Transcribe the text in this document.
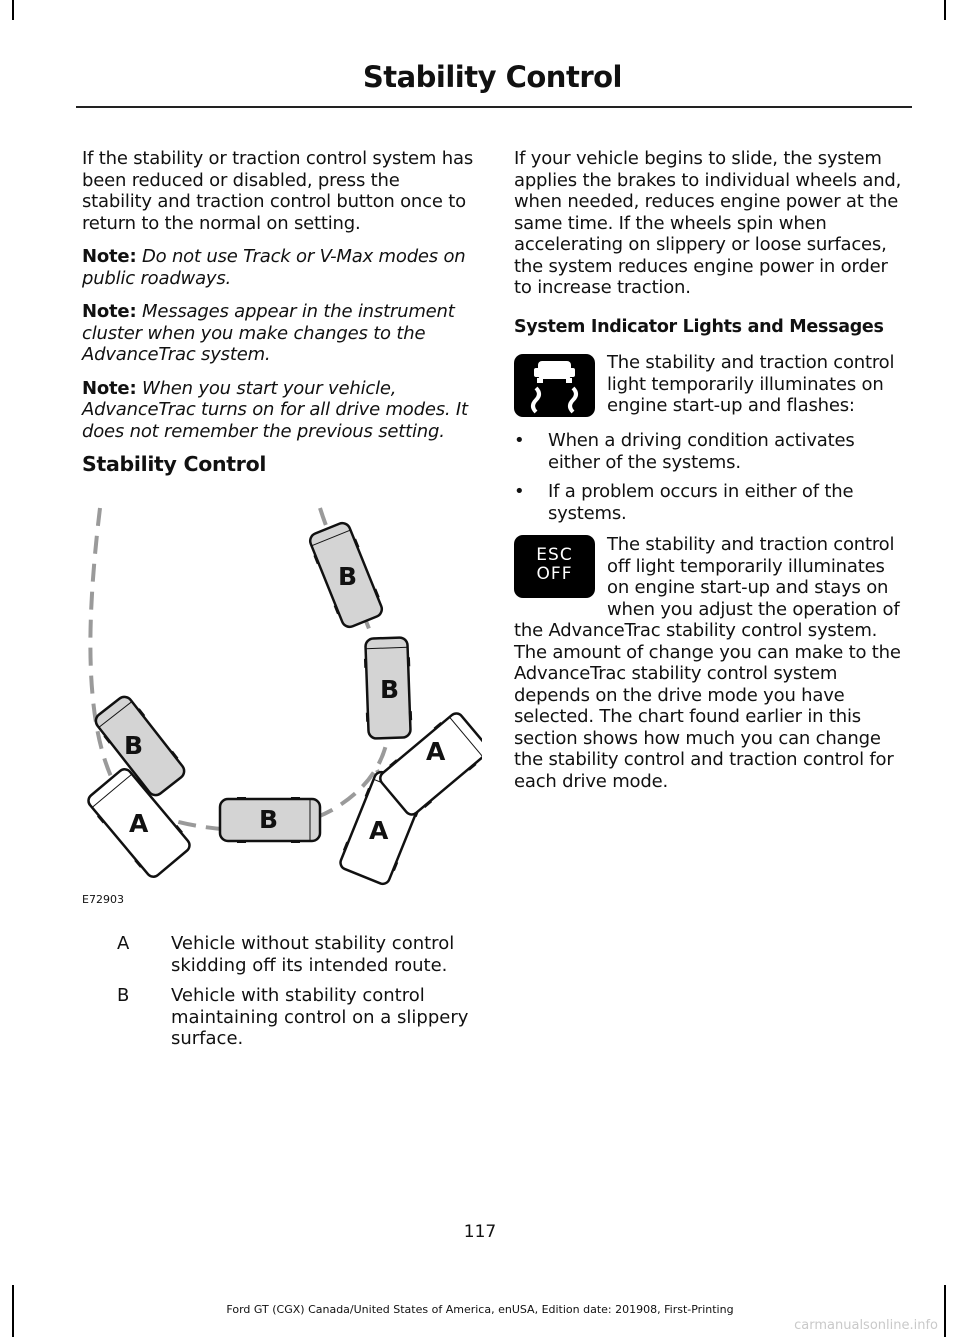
Stability Control

If the stability or traction control system has been reduced or disabled, press the stability and traction control button once to return to the normal on setting.

Note: Do not use Track or V-Max modes on public roadways.

Note: Messages appear in the instrument cluster when you make changes to the AdvanceTrac system.

Note: When you start your vehicle, AdvanceTrac turns on for all drive modes. It does not remember the previous setting.

Stability Control
B
B
B
B
A	A
A
E72903
A Vehicle without stability control skidding off its intended route.
B Vehicle with stability control maintaining control on a slippery surface.

If your vehicle begins to slide, the system applies the brakes to individual wheels and, when needed, reduces engine power at the same time. If the wheels spin when accelerating on slippery or loose surfaces, the system reduces engine power in order to increase traction.

System Indicator Lights and Messages

The stability and traction control light temporarily illuminates on engine start-up and flashes:

• When a driving condition activates either of the systems.
• If a problem occurs in either of the systems.
ESC
OFF

The stability and traction control off light temporarily illuminates on engine start-up and stays on when you adjust the operation of the AdvanceTrac stability control system. The amount of change you can make to the AdvanceTrac stability control system depends on the drive mode you have selected. The chart found earlier in this section shows how much you can change the stability control and traction control for each drive mode.

117
Ford GT (CGX) Canada/United States of America, enUSA, Edition date: 201908, First-Printing
carmanualsonline.info
